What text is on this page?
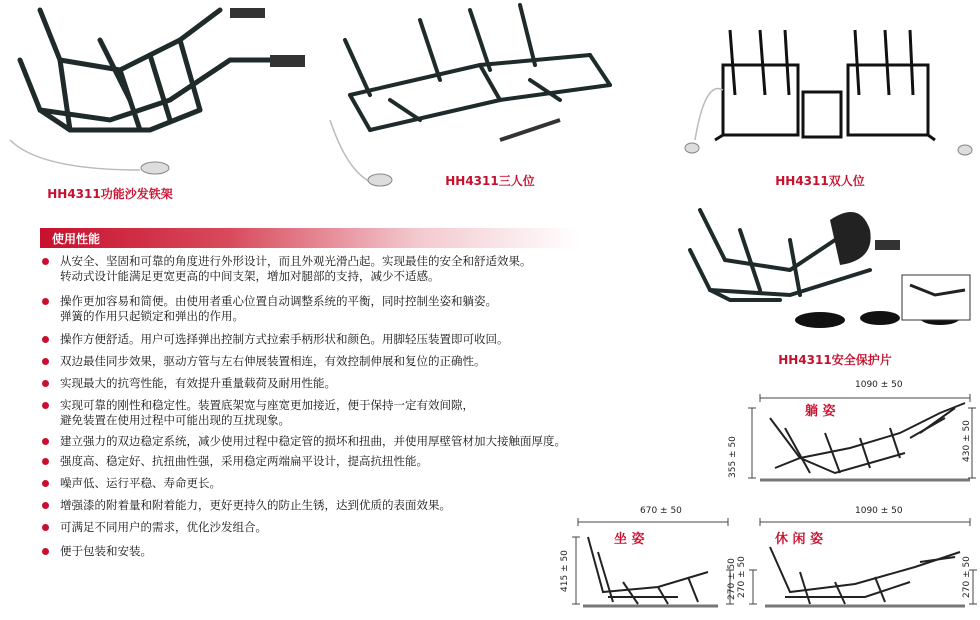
HH4311功能沙发铁架
HH4311三人位	HH4311双人位
HH4311安全保护片
使用性能
从安全、坚固和可靠的角度进行外形设计，而且外观光滑凸起。实现最佳的安全和舒适效果。
转动式设计能满足更宽更高的中间支架，增加对腿部的支持，减少不适感。
操作更加容易和简便。由使用者重心位置自动调整系统的平衡，同时控制坐姿和躺姿。
弹簧的作用只起锁定和弹出的作用。
操作方便舒适。用户可选择弹出控制方式拉索手柄形状和颜色。用脚轻压装置即可收回。
双边最佳同步效果，驱动方管与左右伸展装置相连，有效控制伸展和复位的正确性。
实现最大的抗弯性能，有效提升重量载荷及耐用性能。
实现可靠的刚性和稳定性。装置底架宽与座宽更加接近，便于保持一定有效间隙，
避免装置在使用过程中可能出现的互扰现象。
建立强力的双边稳定系统，减少使用过程中稳定管的损坏和扭曲，并使用厚壁管材加大接触面厚度。
强度高、稳定好、抗扭曲性强，采用稳定两端扁平设计，提高抗扭性能。
噪声低、运行平稳、寿命更长。
增强漆的附着量和附着能力，更好更持久的防止生锈，达到优质的表面效果。
可满足不同用户的需求，优化沙发组合。
便于包装和安装。
1090 ± 50
躺 姿
355 ± 50	430 ± 50
670 ± 50
坐 姿
415 ± 50	270 ± 50
1090 ± 50
休 闲 姿
270 ± 50	270 ± 50
